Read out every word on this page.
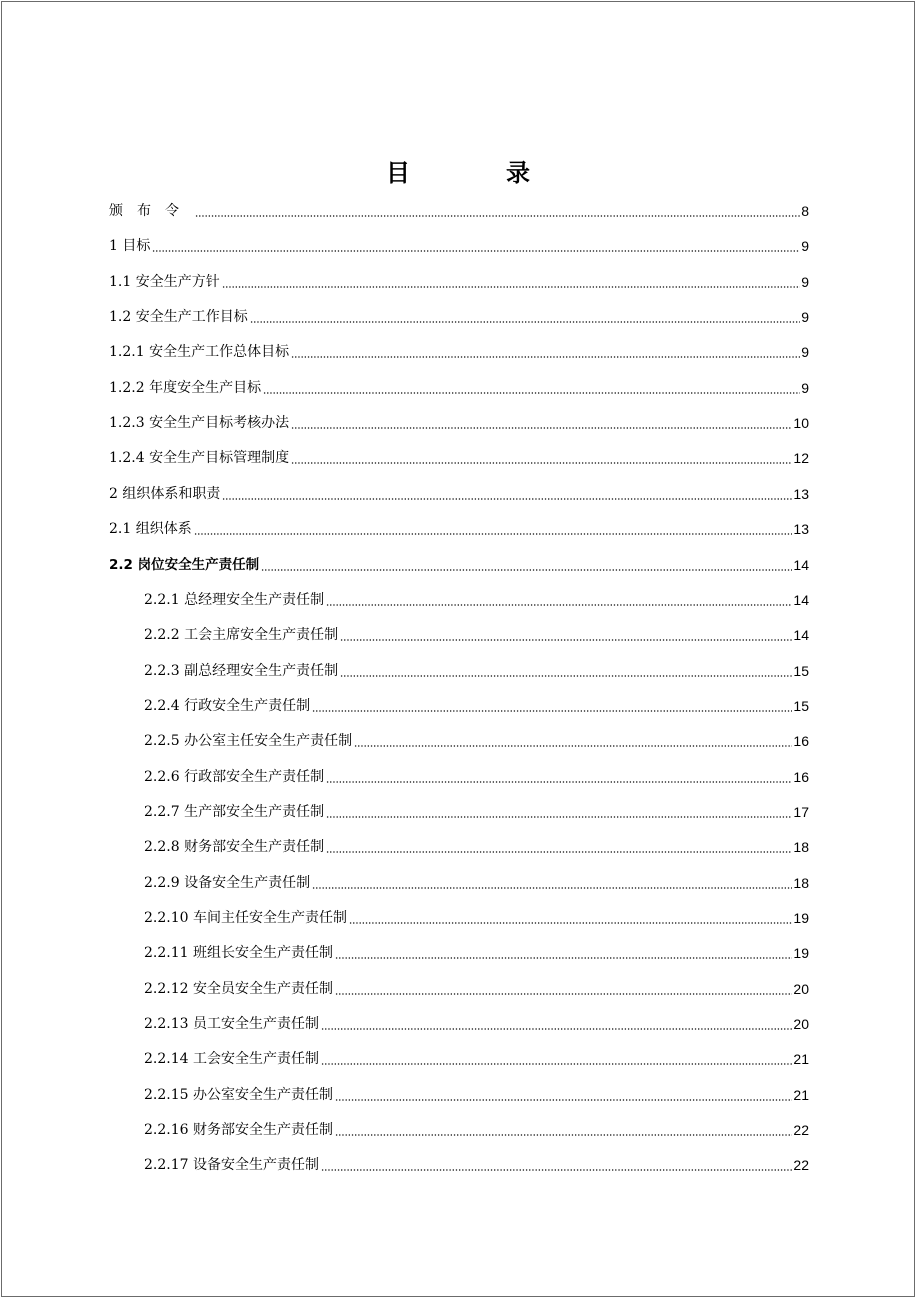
目　录
颁布令	8
1 目标	9
1.1 安全生产方针	9
1.2 安全生产工作目标	9
1.2.1 安全生产工作总体目标	9
1.2.2 年度安全生产目标	9
1.2.3 安全生产目标考核办法	10
1.2.4 安全生产目标管理制度	12
2 组织体系和职责	13
2.1 组织体系	13
2.2 岗位安全生产责任制	14
2.2.1 总经理安全生产责任制	14
2.2.2 工会主席安全生产责任制	14
2.2.3 副总经理安全生产责任制	15
2.2.4 行政安全生产责任制	15
2.2.5 办公室主任安全生产责任制	16
2.2.6 行政部安全生产责任制	16
2.2.7 生产部安全生产责任制	17
2.2.8 财务部安全生产责任制	18
2.2.9 设备安全生产责任制	18
2.2.10 车间主任安全生产责任制	19
2.2.11 班组长安全生产责任制	19
2.2.12 安全员安全生产责任制	20
2.2.13 员工安全生产责任制	20
2.2.14 工会安全生产责任制	21
2.2.15 办公室安全生产责任制	21
2.2.16 财务部安全生产责任制	22
2.2.17 设备安全生产责任制	22
